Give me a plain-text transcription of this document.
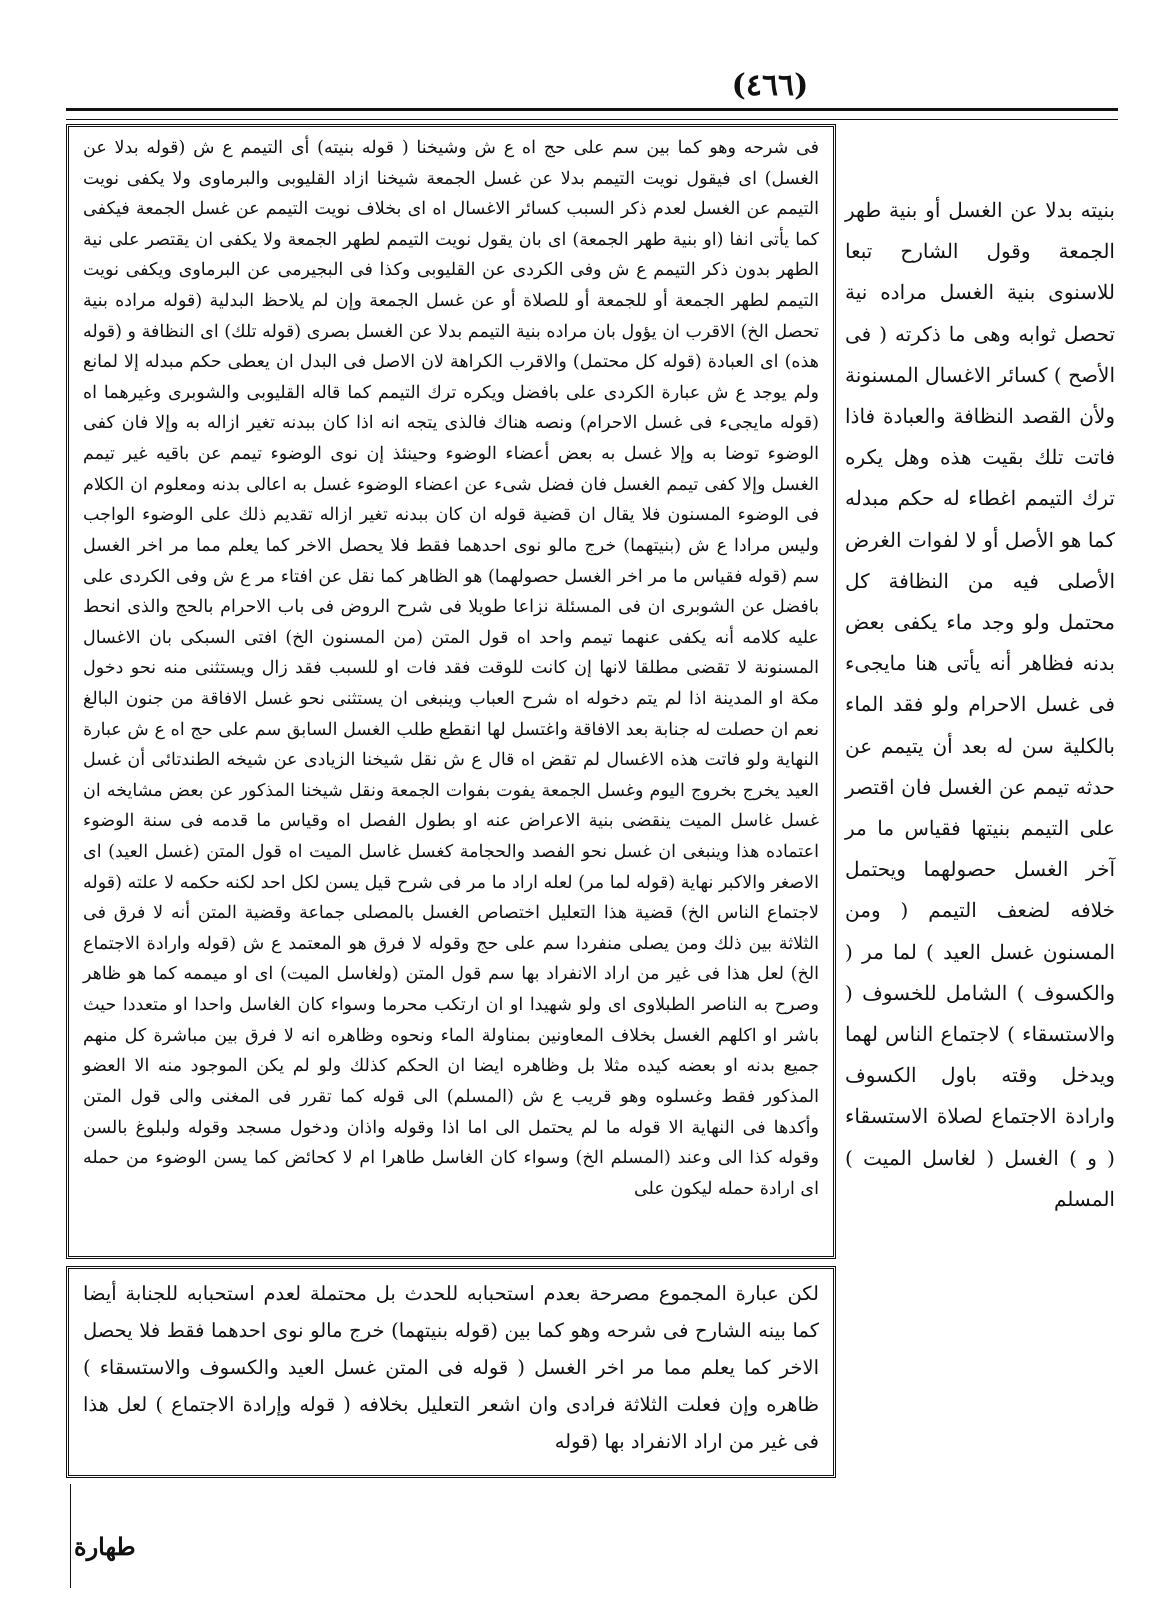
(٤٦٦)
فى شرحه وهو كما بين سم على حج اه ع ش وشيخنا ( قوله بنيته) أى التيمم ع ش (قوله بدلا عن الغسل) اى فيقول نويت التيمم بدلا عن غسل الجمعة شيخنا ازاد القليوبى والبرماوى ولا يكفى نويت التيمم عن الغسل لعدم ذكر السبب كسائر الاغسال اه اى بخلاف نويت التيمم عن غسل الجمعة فيكفى كما يأتى انفا (او بنية طهر الجمعة) اى بان يقول نويت التيمم لطهر الجمعة ولا يكفى ان يقتصر على نية الطهر بدون ذكر التيمم ع ش وفى الكردى عن القليوبى وكذا فى البجيرمى عن البرماوى ويكفى نويت التيمم لطهر الجمعة أو للجمعة أو للصلاة أو عن غسل الجمعة وإن لم يلاحظ البدلية (قوله مراده بنية تحصل الخ) الاقرب ان يؤول بان مراده بنية التيمم بدلا عن الغسل بصرى (قوله تلك) اى النظافة و (قوله هذه) اى العبادة (قوله كل محتمل) والاقرب الكراهة لان الاصل فى البدل ان يعطى حكم مبدله إلا لمانع ولم يوجد ع ش عبارة الكردى على بافضل ويكره ترك التيمم كما قاله القليوبى والشوبرى وغيرهما اه (قوله مايجىء فى غسل الاحرام) ونصه هناك فالذى يتجه انه اذا كان ببدنه تغير ازاله به وإلا فان كفى الوضوء توضا به وإلا غسل به بعض أعضاء الوضوء وحينئذ إن نوى الوضوء تيمم عن باقيه غير تيمم الغسل وإلا كفى تيمم الغسل فان فضل شىء عن اعضاء الوضوء غسل به اعالى بدنه ومعلوم ان الكلام فى الوضوء المسنون فلا يقال ان قضية قوله ان كان ببدنه تغير ازاله تقديم ذلك على الوضوء الواجب وليس مرادا ع ش (بنيتهما) خرج مالو نوى احدهما فقط فلا يحصل الاخر كما يعلم مما مر اخر الغسل سم (قوله فقياس ما مر اخر الغسل حصولهما) هو الظاهر كما نقل عن افتاء مر ع ش وفى الكردى على بافضل عن الشوبرى ان فى المسئلة نزاعا طويلا فى شرح الروض فى باب الاحرام بالحج والذى انحط عليه كلامه أنه يكفى عنهما تيمم واحد اه قول المتن (من المسنون الخ) افتى السبكى بان الاغسال المسنونة لا تقضى مطلقا لانها إن كانت للوقت فقد فات او للسبب فقد زال ويستثنى منه نحو دخول مكة او المدينة اذا لم يتم دخوله اه شرح العباب وينبغى ان يستثنى نحو غسل الافاقة من جنون البالغ نعم ان حصلت له جنابة بعد الافاقة واغتسل لها انقطع طلب الغسل السابق سم على حج اه ع ش عبارة النهاية ولو فاتت هذه الاغسال لم تقض اه قال ع ش نقل شيخنا الزيادى عن شيخه الطندتائى أن غسل العيد يخرج بخروج اليوم وغسل الجمعة يفوت بفوات الجمعة ونقل شيخنا المذكور عن بعض مشايخه ان غسل غاسل الميت ينقضى بنية الاعراض عنه او بطول الفصل اه وقياس ما قدمه فى سنة الوضوء اعتماده هذا وينبغى ان غسل نحو الفصد والحجامة كغسل غاسل الميت اه قول المتن (غسل العيد) اى الاصغر والاكبر نهاية (قوله لما مر) لعله اراد ما مر فى شرح قيل يسن لكل احد لكنه حكمه لا علته (قوله لاجتماع الناس الخ) قضية هذا التعليل اختصاص الغسل بالمصلى جماعة وقضية المتن أنه لا فرق فى الثلاثة بين ذلك ومن يصلى منفردا سم على حج وقوله لا فرق هو المعتمد ع ش (قوله وارادة الاجتماع الخ) لعل هذا فى غير من اراد الانفراد بها سم قول المتن (ولغاسل الميت) اى او ميممه كما هو ظاهر وصرح به الناصر الطبلاوى اى ولو شهيدا او ان ارتكب محرما وسواء كان الغاسل واحدا او متعددا حيث باشر او اكلهم الغسل بخلاف المعاونين بمناولة الماء ونحوه وظاهره انه لا فرق بين مباشرة كل منهم جميع بدنه او بعضه كيده مثلا بل وظاهره ايضا ان الحكم كذلك ولو لم يكن الموجود منه الا العضو المذكور فقط وغسلوه وهو قريب ع ش (المسلم) الى قوله كما تقرر فى المغنى والى قول المتن وأكدها فى النهاية الا قوله ما لم يحتمل الى اما اذا وقوله واذان ودخول مسجد وقوله ولبلوغ بالسن وقوله كذا الى وعند (المسلم الخ) وسواء كان الغاسل طاهرا ام لا كحائض كما يسن الوضوء من حمله اى ارادة حمله ليكون على
بنيته بدلا عن الغسل أو بنية طهر الجمعة وقول الشارح تبعا للاسنوى بنية الغسل مراده نية تحصل ثوابه وهى ما ذكرته ( فى الأصح ) كسائر الاغسال المسنونة ولأن القصد النظافة والعبادة فاذا فاتت تلك بقيت هذه وهل يكره ترك التيمم اغطاء له حكم مبدله كما هو الأصل أو لا لفوات الغرض الأصلى فيه من النظافة كل محتمل ولو وجد ماء يكفى بعض بدنه فظاهر أنه يأتى هنا مايجىء فى غسل الاحرام ولو فقد الماء بالكلية سن له بعد أن يتيمم عن حدثه تيمم عن الغسل فان اقتصر على التيمم بنيتها فقياس ما مر آخر الغسل حصولهما ويحتمل خلافه لضعف التيمم ( ومن المسنون غسل العيد ) لما مر ( والكسوف ) الشامل للخسوف ( والاستسقاء ) لاجتماع الناس لهما ويدخل وقته باول الكسوف وارادة الاجتماع لصلاة الاستسقاء ( و ) الغسل ( لغاسل الميت ) المسلم
لكن عبارة المجموع مصرحة بعدم استحبابه للحدث بل محتملة لعدم استحبابه للجنابة أيضا كما بينه الشارح فى شرحه وهو كما بين (قوله بنيتهما) خرج مالو نوى احدهما فقط فلا يحصل الاخر كما يعلم مما مر اخر الغسل ( قوله فى المتن غسل العيد والكسوف والاستسقاء ) ظاهره وإن فعلت الثلاثة فرادى وان اشعر التعليل بخلافه ( قوله وإرادة الاجتماع ) لعل هذا فى غير من اراد الانفراد بها (قوله
طهارة
